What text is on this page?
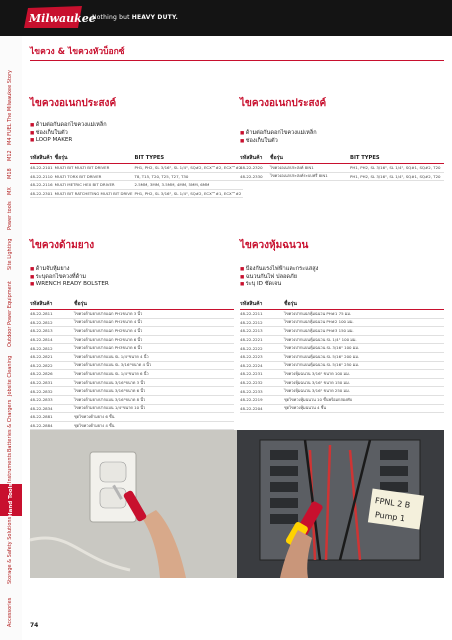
Milwaukee
Nothing but HEAVY DUTY.
Accessories
Storage & Safety Solutions
Hand Tools
Instruments
Batteries & Chargers
Jobsite Cleaning
Outdoor Power Equipment
Site Lighting
Power tools
MX
M18
M12
M4 FUEL
The Milwaukee Story
ไขควง & ไขควงหัวบ็อกซ์
ไขควงอเนกประสงค์
■ ด้ามต่อกันดอกไขควงแม่เหล็ก
■ ช่องเก็บในตัว
■ LOOP MAKER
รหัสสินค้า	ชื่อรุ่น	BIT TYPES
48-22-2101	MULTI BIT MULTI BIT DRIVER	PH1, PH2, SL 3/16", SL 1/4", SQ#2, ECX™#2, ECX™#2
48-22-2110	MULTI TORX BIT DRIVER	T8, T15, T20, T25, T27, T30
48-22-2116	MULTI METRIC HEX BIT DRIVER	2.5MM, 3MM, 3.5MM, 4MM, 5MM, 6MM
48-22-2301	MULTI BIT RATCHETING MULTI BIT DRIVE	PH1, PH2, SL 3/16", SL 1/4", SQ#2, ECX™#1, ECX™#2
ไขควงอเนกประสงค์
■ ด้ามต่อกันดอกไขควงแม่เหล็ก
■ ช่องเก็บในตัว
รหัสสินค้า	ชื่อรุ่น	BIT TYPES
48-22-2320	ไขควงอเนกประสงค์ 8IN1	PH1, PH2, SL 3/16", SL 1/4", SQ#1, SQ#2, T20
48-22-2330	ไขควงอเนกประสงค์ระบบฟรี 8IN1	PH1, PH2, SL 3/16", SL 1/4", SQ#1, SQ#2, T20
ไขควงด้ามยาง
■ ด้ามจับหุ้มยาง
■ ระบุดอกไขควงที่ด้าม
■ WRENCH READY BOLSTER
รหัสสินค้า	ชื่อรุ่น
48-22-2811	ไขควงด้ามยางปากแฉก PH1ขนาด 3 นิ้ว
48-22-2812	ไขควงด้ามยางปากแฉก PH1ขนาด 4 นิ้ว
48-22-2813	ไขควงด้ามยางปากแฉก PH2ขนาด 4 นิ้ว
48-22-2814	ไขควงด้ามยางปากแฉก PH2ขนาด 6 นิ้ว
48-22-2812	ไขควงด้ามยางปากแฉก PH3ขนาด 6 นิ้ว
48-22-2821	ไขควงด้ามยางปากแบน SL 1/4"ขนาด 4 นิ้ว
48-22-2822	ไขควงด้ามยางปากแบน SL 3/16"ขนาด 4 นิ้ว
48-22-2826	ไขควงด้ามยางปากแบน SL 1/4"ขนาด 6 นิ้ว
48-22-2831	ไขควงด้ามยางปากแบน 3/16"ขนาด 3 นิ้ว
48-22-2832	ไขควงด้ามยางปากแบน 3/16"ขนาด 6 นิ้ว
48-22-2833	ไขควงด้ามยางปากแบน 3/16"ขนาด 8 นิ้ว
48-22-2834	ไขควงด้ามยางปากแบน 1/4"ขนาด 10 นิ้ว
48-22-2881	ชุดไขควงด้ามยาง 6 ชิ้น
48-22-2884	ชุดไขควงด้ามยาง 4 ชิ้น
ไขควงหุ้มฉนวน
■ ป้องกันแรงไฟฟ้าและกระแสสูง
■ ฉนวนกันไฟ ปลอดภัย
■ ระบุ ID ชัดเจน
รหัสสินค้า	ชื่อรุ่น
48-22-2211	ไขควงปากแฉกหุ้มฉนวน PH#1 75 มม.
48-22-2212	ไขควงปากแฉกหุ้มฉนวน PH#2 100 มม.
48-22-2213	ไขควงปากแฉกหุ้มฉนวน PH#3 150 มม.
48-22-2221	ไขควงปากแบนหุ้มฉนวน SL 1/4" 100 มม.
48-22-2222	ไขควงปากแบนหุ้มฉนวน SL 3/16" 100 มม.
48-22-2223	ไขควงปากแบนหุ้มฉนวน SL 5/16" 200 มม.
48-22-2224	ไขควงปากแบนหุ้มฉนวน SL 5/16" 250 มม.
48-22-2231	ไขควงหุ้มฉนวน 3/16" ขนาด 100 มม.
48-22-2232	ไขควงหุ้มฉนวน 3/16" ขนาด 150 มม.
48-22-2233	ไขควงหุ้มฉนวน 3/16" ขนาด 250 มม.
48-22-2219	ชุดไขควงหุ้มฉนวน 10 ชิ้นพร้อมกล่องพับ
48-22-2204	ชุดไขควงหุ้มฉนวน 4 ชิ้น
FPNL 2 B
Pump 1
74
